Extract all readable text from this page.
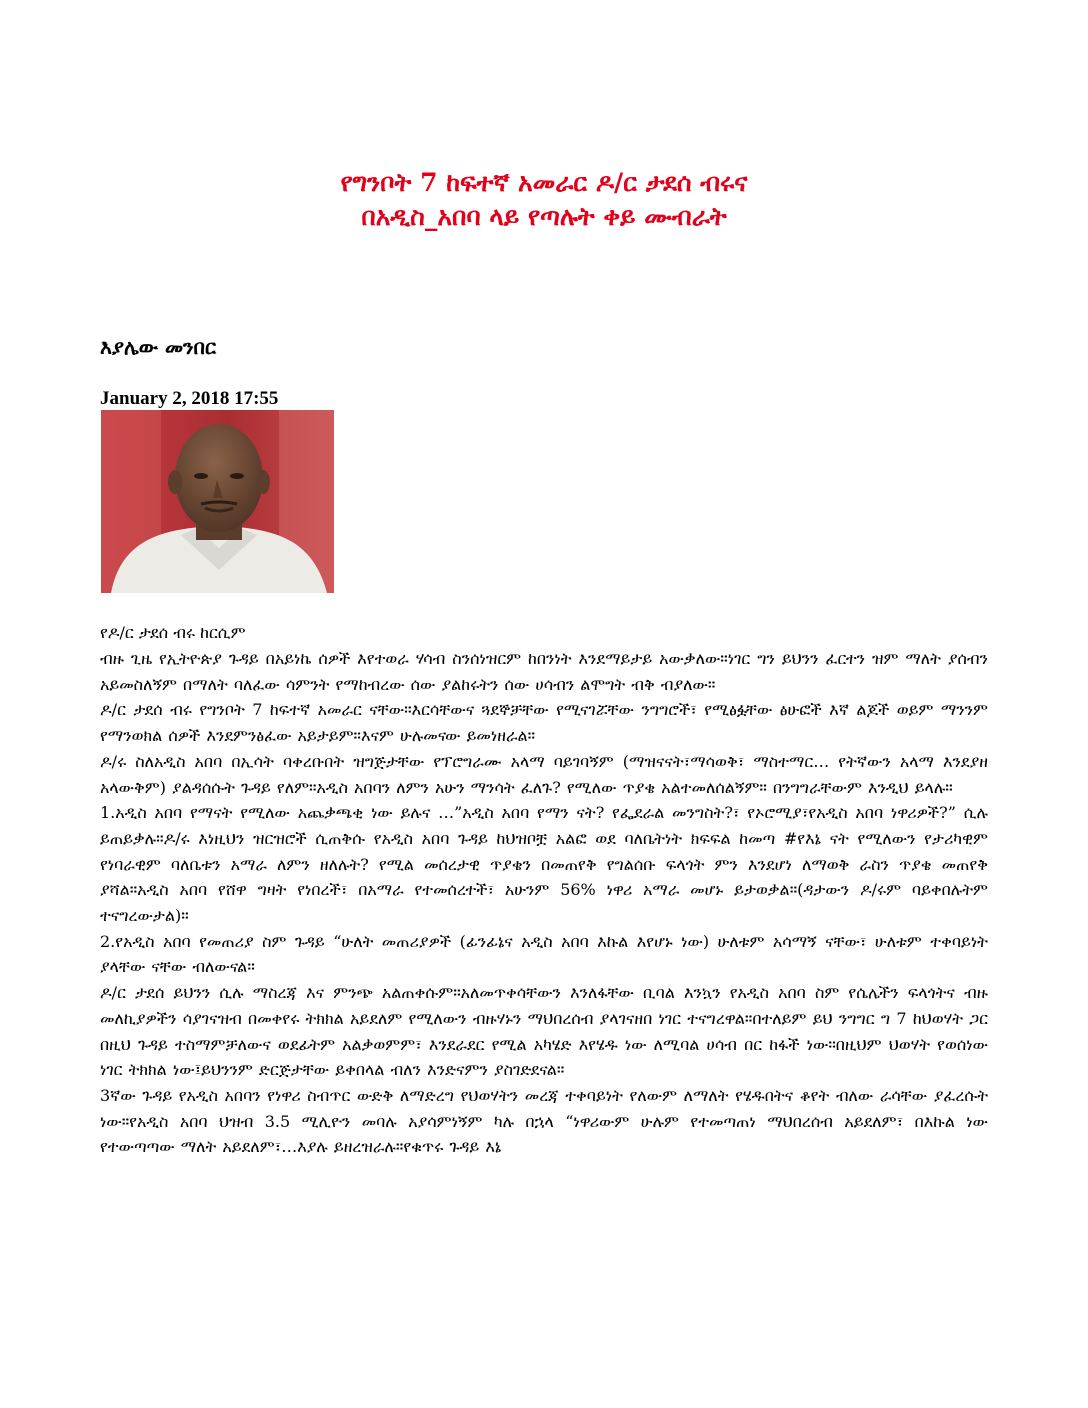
የግንቦት 7 ከፍተኛ አመራር ዶ/ር ታደሰ ብሩና
በአዲስ_አበባ ላይ የጣሉት ቀይ ሙብራት
እያሌው መንበር
January 2, 2018 17:55
የዶ/ር ታደሰ ብሩ ከርሲም

ብዙ ጊዜ የኢትዮጵያ ጉዳይ በአይነኬ ሰዎች እየተወራ ሃሳብ ስንሰነዝርም ከበንነት እንደማይታይ አውቃለው።ነገር ግን ይህንን ፈርተን ዝም ማለት ያሰብን አይመስለኝም በማለት ባለፈው ሳምንት የማከብረው ሰው ያልከሩትን ሰው ሀሳብን ልሞግት ብቅ ብያለው።

ዶ/ር ታደሰ ብሩ የግንቦት 7 ከፍተኛ አመራር ናቸው።እርሳቸውና ጓደኞቻቸው የሚናገሯቸው ንግግሮች፣ የሚፅፏቸው ፅሁፎች እኛ ልጆች ወይም ማንንም የማንወክል ሰዎች እንደምንፅፈው አይታይም።እናም ሁሉመናው ይመነዘራል።

ዶ/ሩ ስለአዲስ አበባ በኢሳት ባቀረቡበት ዝግጅታቸው የፕሮግራሙ አላማ ባይገባኝም (ማዝናናት፣ማሳወቅ፣ ማስተማር… የትኛውን አላማ እንደያዘ አላውቅም) ያልዳሰሱት ጉዳይ የለም።አዲስ አበባን ለምን አሁን ማንሳት ፈለጉ? የሚለው ጥያቄ አልተመለሰልኝም። በንግግራቸውም እንዲህ ይላሉ።

1.አዲስ አበባ የማናት የሚለው አጨቃጫቂ ነው ይሉና …”አዲስ አበባ የማን ናት? የፌደራል መንግስት?፣ የኦሮሚያ፣የአዲስ አበባ ነዋሪዎች?” ሲሉ ይጠይቃሉ።ዶ/ሩ እነዚህን ዝርዝሮች ሲጠቅሱ የአዲስ አበባ ጉዳይ ከህዝቦቿ አልፎ ወደ ባለቤትነት ክፍፍል ከመጣ #የእኔ ናት የሚለውን የታሪካዊም የነባራዊም ባለቤቱን አማራ ለምን ዘለሉት? የሚል መሰረታዊ ጥያቄን በመጠየቅ የግልሰቡ ፍላጎት ምን እንደሆነ ለማወቅ ራስን ጥያቄ መጠየቅ ያሻል።አዲስ አበባ የሸዋ ግዛት የነበረች፣ በአማራ የተመሰረተች፣ አሁንም 56% ነዋሪ አማራ መሆኑ ይታወቃል።(ዳታውን ዶ/ሩም ባይቀበሉትም ተናግረውታል)።

2.የአዲስ አበባ የመጠሪያ ስም ጉዳይ “ሁለት መጠሪያዎች (ፊንፊኔና አዲስ አበባ እኩል እየሆኑ ነው) ሁለቱም አሳማኝ ናቸው፣ ሁለቱም ተቀባይነት ያላቸው ናቸው ብለውናል።

ዶ/ር ታደሰ ይህንን ሲሉ ማስረጃ እና ምንጭ አልጠቀሱም።አለመጥቀሳቸውን እንለፋቸው ቢባል እንኳን የአዲስ አበባ ስም የሴሌችን ፍላጎትና ብዙ መለኪያዎችን ሳያገናዝብ በመቀየሩ ትክክል አይደለም የሚለውን ብዙሃኑን ማህበረሰብ ያላገናዘበ ነገር ተናግረዋል።በተለይም ይህ ንግግር ግ 7 ከህወሃት ጋር በዚህ ጉዳይ ተስማምቻለውና ወደፊትም አልቃወምም፣ እንደራደር የሚል አካሄድ እየሄዱ ነው ለሚባል ሀሳብ በር ከፋች ነው።በዚህም ህወሃት የወሰነው ነገር ትክክል ነው፤ይህንንም ድርጅታቸው ይቀበላል ብለን እንድናምን ያስገድደናል።

3ኛው ጉዳይ የአዲስ አበባን የነዋሪ ስብጥር ውድቅ ለማድረግ የህወሃትን መረጃ ተቀባይነት የለውም ለማለት የሄዱበትና ቆየት ብለው ራሳቸው ያፈረሱት ነው።የአዲስ አበባ ህዝብ 3.5 ሚሊዮን መባሉ አያሳምነኝም ካሉ በኋላ “ነዋሪውም ሁሉም የተመጣጠነ ማህበረሰብ አይደለም፣ በእኩል ነው የተውጣጣው ማለት አይደለም፣…እያሉ ይዘረዝራሉ።የቁጥሩ ጉዳይ እኔ
